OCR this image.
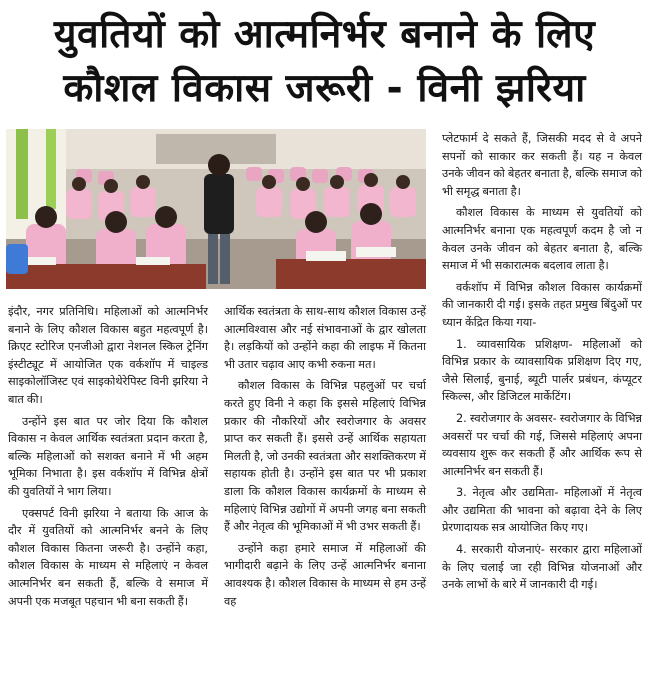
युवतियों को आत्मनिर्भर बनाने के लिए
कौशल विकास जरूरी - विनी झरिया

इंदौर, नगर प्रतिनिधि। महिलाओं को आत्मनिर्भर बनाने के लिए कौशल विकास बहुत महत्वपूर्ण है। क्रिएट स्टोरिज एनजीओ द्वारा नेशनल स्किल ट्रेनिंग इंस्टीट्यूट में आयोजित एक वर्कशॉप में चाइल्ड साइकोलॉजिस्ट एवं साइकोथेरेपिस्ट विनी झरिया ने बात की।

उन्होंने इस बात पर जोर दिया कि कौशल विकास न केवल आर्थिक स्वतंत्रता प्रदान करता है, बल्कि महिलाओं को सशक्त बनाने में भी अहम भूमिका निभाता है। इस वर्कशॉप में विभिन्न क्षेत्रों की युवतियों ने भाग लिया।

एक्सपर्ट विनी झरिया ने बताया कि आज के दौर में युवतियों को आत्मनिर्भर बनने के लिए कौशल विकास कितना जरूरी है। उन्होंने कहा, कौशल विकास के माध्यम से महिलाएं न केवल आत्मनिर्भर बन सकती हैं, बल्कि वे समाज में अपनी एक मजबूत पहचान भी बना सकती हैं।

आर्थिक स्वतंत्रता के साथ-साथ कौशल विकास उन्हें आत्मविश्वास और नई संभावनाओं के द्वार खोलता है। लड़कियों को उन्होंने कहा की लाइफ में कितना भी उतार चढ़ाव आए कभी रुकना मत।

कौशल विकास के विभिन्न पहलुओं पर चर्चा करते हुए विनी ने कहा कि इससे महिलाएं विभिन्न प्रकार की नौकरियों और स्वरोजगार के अवसर प्राप्त कर सकती हैं। इससे उन्हें आर्थिक सहायता मिलती है, जो उनकी स्वतंत्रता और सशक्तिकरण में सहायक होती है। उन्होंने इस बात पर भी प्रकाश डाला कि कौशल विकास कार्यक्रमों के माध्यम से महिलाएं विभिन्न उद्योगों में अपनी जगह बना सकती हैं और नेतृत्व की भूमिकाओं में भी उभर सकती हैं।

उन्होंने कहा हमारे समाज में महिलाओं की भागीदारी बढ़ाने के लिए उन्हें आत्मनिर्भर बनाना आवश्यक है। कौशल विकास के माध्यम से हम उन्हें वह

प्लेटफार्म दे सकते हैं, जिसकी मदद से वे अपने सपनों को साकार कर सकती हैं। यह न केवल उनके जीवन को बेहतर बनाता है, बल्कि समाज को भी समृद्ध बनाता है।

कौशल विकास के माध्यम से युवतियों को आत्मनिर्भर बनाना एक महत्वपूर्ण कदम है जो न केवल उनके जीवन को बेहतर बनाता है, बल्कि समाज में भी सकारात्मक बदलाव लाता है।

वर्कशॉप में विभिन्न कौशल विकास कार्यक्रमों की जानकारी दी गई। इसके तहत प्रमुख बिंदुओं पर ध्यान केंद्रित किया गया-

1. व्यावसायिक प्रशिक्षण- महिलाओं को विभिन्न प्रकार के व्यावसायिक प्रशिक्षण दिए गए, जैसे सिलाई, बुनाई, ब्यूटी पार्लर प्रबंधन, कंप्यूटर स्किल्स, और डिजिटल मार्केटिंग।

2. स्वरोजगार के अवसर- स्वरोजगार के विभिन्न अवसरों पर चर्चा की गई, जिससे महिलाएं अपना व्यवसाय शुरू कर सकती हैं और आर्थिक रूप से आत्मनिर्भर बन सकती हैं।

3. नेतृत्व और उद्यमिता- महिलाओं में नेतृत्व और उद्यमिता की भावना को बढ़ावा देने के लिए प्रेरणादायक सत्र आयोजित किए गए।

4. सरकारी योजनाएं- सरकार द्वारा महिलाओं के लिए चलाई जा रही विभिन्न योजनाओं और उनके लाभों के बारे में जानकारी दी गई।
